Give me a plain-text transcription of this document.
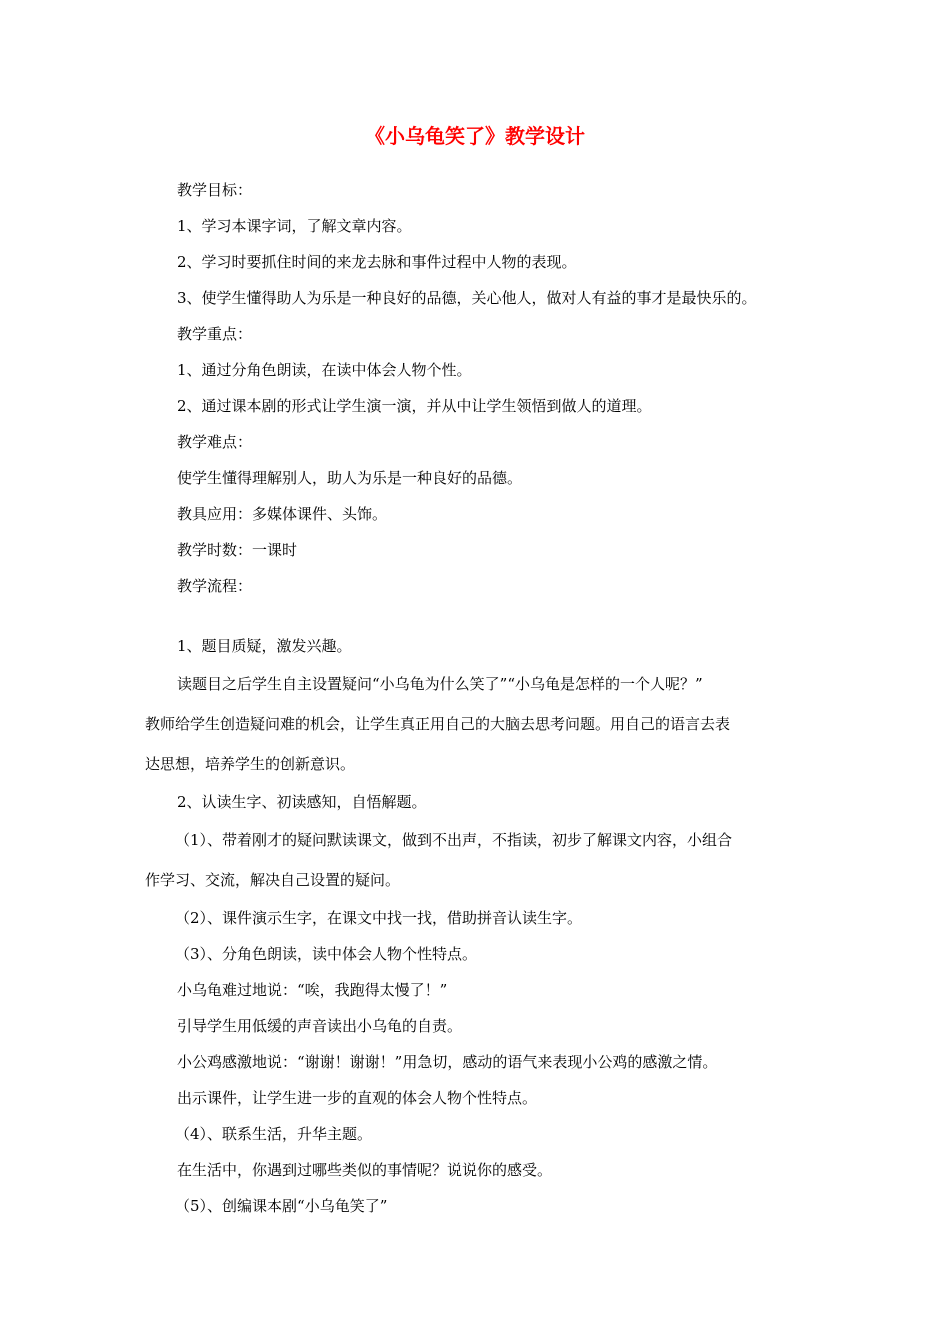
《小乌龟笑了》教学设计

教学目标：

1、学习本课字词，了解文章内容。

2、学习时要抓住时间的来龙去脉和事件过程中人物的表现。

3、使学生懂得助人为乐是一种良好的品德，关心他人，做对人有益的事才是最快乐的。

教学重点：

1、通过分角色朗读，在读中体会人物个性。

2、通过课本剧的形式让学生演一演，并从中让学生领悟到做人的道理。

教学难点：

使学生懂得理解别人，助人为乐是一种良好的品德。

教具应用：多媒体课件、头饰。

教学时数：一课时

教学流程：

1、题目质疑，激发兴趣。

读题目之后学生自主设置疑问“小乌龟为什么笑了”“小乌龟是怎样的一个人呢？”

教师给学生创造疑问难的机会，让学生真正用自己的大脑去思考问题。用自己的语言去表

达思想，培养学生的创新意识。

2、认读生字、初读感知，自悟解题。

（1）、带着刚才的疑问默读课文，做到不出声，不指读，初步了解课文内容，小组合

作学习、交流，解决自己设置的疑问。

（2）、课件演示生字，在课文中找一找，借助拼音认读生字。

（3）、分角色朗读，读中体会人物个性特点。

小乌龟难过地说：“唉，我跑得太慢了！”

引导学生用低缓的声音读出小乌龟的自责。

小公鸡感激地说：“谢谢！谢谢！”用急切，感动的语气来表现小公鸡的感激之情。

出示课件，让学生进一步的直观的体会人物个性特点。

（4）、联系生活，升华主题。

在生活中，你遇到过哪些类似的事情呢？说说你的感受。

（5）、创编课本剧“小乌龟笑了”
